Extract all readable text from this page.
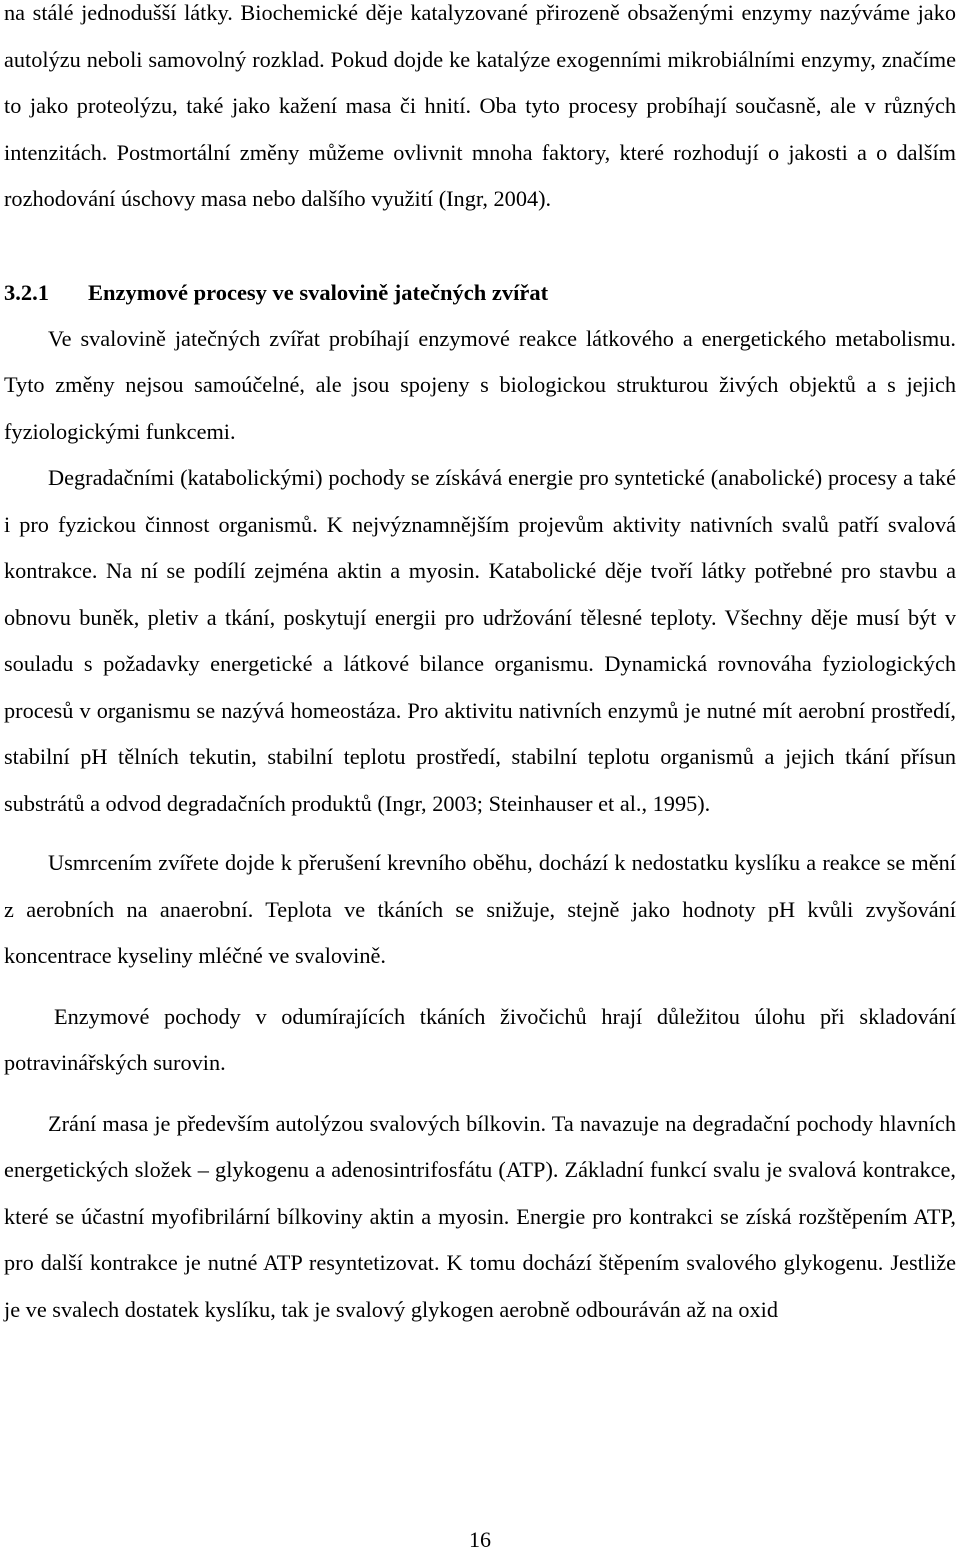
na stálé jednodušší látky. Biochemické děje katalyzované přirozeně obsaženými enzymy nazýváme jako autolýzu neboli samovolný rozklad. Pokud dojde ke katalýze exogenními mikrobiálními enzymy, značíme to jako proteolýzu, také jako kažení masa či hnití. Oba tyto procesy probíhají současně, ale v různých intenzitách. Postmortální změny můžeme ovlivnit mnoha faktory, které rozhodují o jakosti a o dalším rozhodování úschovy masa nebo dalšího využití (Ingr, 2004).

3.2.1 Enzymové procesy ve svalovině jatečných zvířat

Ve svalovině jatečných zvířat probíhají enzymové reakce látkového a energetického metabolismu. Tyto změny nejsou samoúčelné, ale jsou spojeny s biologickou strukturou živých objektů a s jejich fyziologickými funkcemi.

Degradačními (katabolickými) pochody se získává energie pro syntetické (anabolické) procesy a také i pro fyzickou činnost organismů. K nejvýznamnějším projevům aktivity nativních svalů patří svalová kontrakce. Na ní se podílí zejména aktin a myosin. Katabolické děje tvoří látky potřebné pro stavbu a obnovu buněk, pletiv a tkání, poskytují energii pro udržování tělesné teploty. Všechny děje musí být v souladu s požadavky energetické a látkové bilance organismu. Dynamická rovnováha fyziologických procesů v organismu se nazývá homeostáza. Pro aktivitu nativních enzymů je nutné mít aerobní prostředí, stabilní pH tělních tekutin, stabilní teplotu prostředí, stabilní teplotu organismů a jejich tkání přísun substrátů a odvod degradačních produktů (Ingr, 2003; Steinhauser et al., 1995).

Usmrcením zvířete dojde k přerušení krevního oběhu, dochází k nedostatku kyslíku a reakce se mění z aerobních na anaerobní. Teplota ve tkáních se snižuje, stejně jako hodnoty pH kvůli zvyšování koncentrace kyseliny mléčné ve svalovině.

Enzymové pochody v odumírajících tkáních živočichů hrají důležitou úlohu při skladování potravinářských surovin.

Zrání masa je především autolýzou svalových bílkovin. Ta navazuje na degradační pochody hlavních energetických složek – glykogenu a adenosintrifosfátu (ATP). Základní funkcí svalu je svalová kontrakce, které se účastní myofibrilární bílkoviny aktin a myosin. Energie pro kontrakci se získá rozštěpením ATP, pro další kontrakce je nutné ATP resyntetizovat. K tomu dochází štěpením svalového glykogenu. Jestliže je ve svalech dostatek kyslíku, tak je svalový glykogen aerobně odbouráván až na oxid

16
